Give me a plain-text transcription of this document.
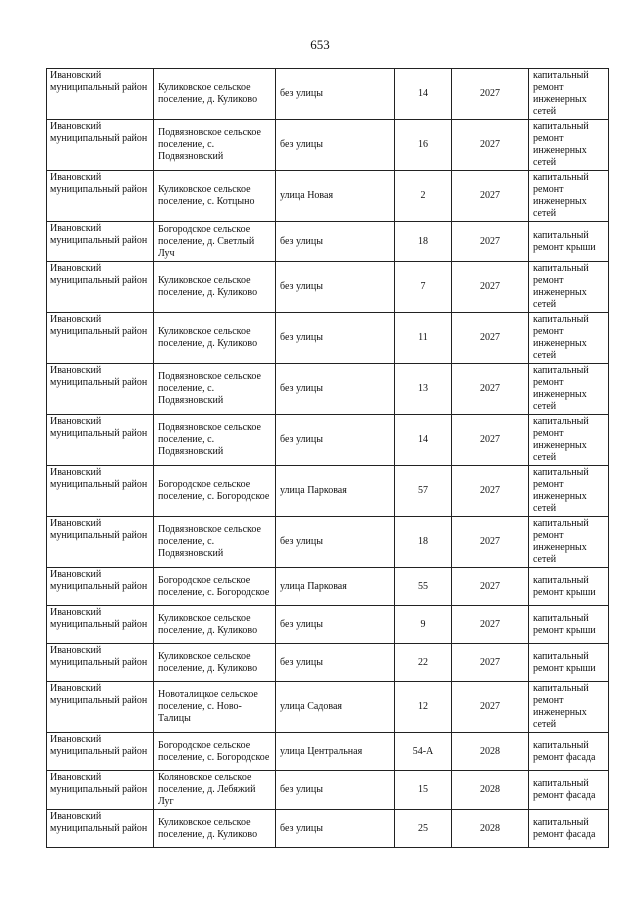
653
Ивановский муниципальный район	Куликовское сельское поселение, д. Куликово	без улицы	14	2027	капитальный ремонт инженерных сетей
Ивановский муниципальный район	Подвязновское сельское поселение, с. Подвязновский	без улицы	16	2027	капитальный ремонт инженерных сетей
Ивановский муниципальный район	Куликовское сельское поселение, с. Котцыно	улица Новая	2	2027	капитальный ремонт инженерных сетей
Ивановский муниципальный район	Богородское сельское поселение, д. Светлый Луч	без улицы	18	2027	капитальный ремонт крыши
Ивановский муниципальный район	Куликовское сельское поселение, д. Куликово	без улицы	7	2027	капитальный ремонт инженерных сетей
Ивановский муниципальный район	Куликовское сельское поселение, д. Куликово	без улицы	11	2027	капитальный ремонт инженерных сетей
Ивановский муниципальный район	Подвязновское сельское поселение, с. Подвязновский	без улицы	13	2027	капитальный ремонт инженерных сетей
Ивановский муниципальный район	Подвязновское сельское поселение, с. Подвязновский	без улицы	14	2027	капитальный ремонт инженерных сетей
Ивановский муниципальный район	Богородское сельское поселение, с. Богородское	улица Парковая	57	2027	капитальный ремонт инженерных сетей
Ивановский муниципальный район	Подвязновское сельское поселение, с. Подвязновский	без улицы	18	2027	капитальный ремонт инженерных сетей
Ивановский муниципальный район	Богородское сельское поселение, с. Богородское	улица Парковая	55	2027	капитальный ремонт крыши
Ивановский муниципальный район	Куликовское сельское поселение, д. Куликово	без улицы	9	2027	капитальный ремонт крыши
Ивановский муниципальный район	Куликовское сельское поселение, д. Куликово	без улицы	22	2027	капитальный ремонт крыши
Ивановский муниципальный район	Новоталицкое сельское поселение, с. Ново-Талицы	улица Садовая	12	2027	капитальный ремонт инженерных сетей
Ивановский муниципальный район	Богородское сельское поселение, с. Богородское	улица Центральная	54-А	2028	капитальный ремонт фасада
Ивановский муниципальный район	Коляновское сельское поселение, д. Лебяжий Луг	без улицы	15	2028	капитальный ремонт фасада
Ивановский муниципальный район	Куликовское сельское поселение, д. Куликово	без улицы	25	2028	капитальный ремонт фасада
